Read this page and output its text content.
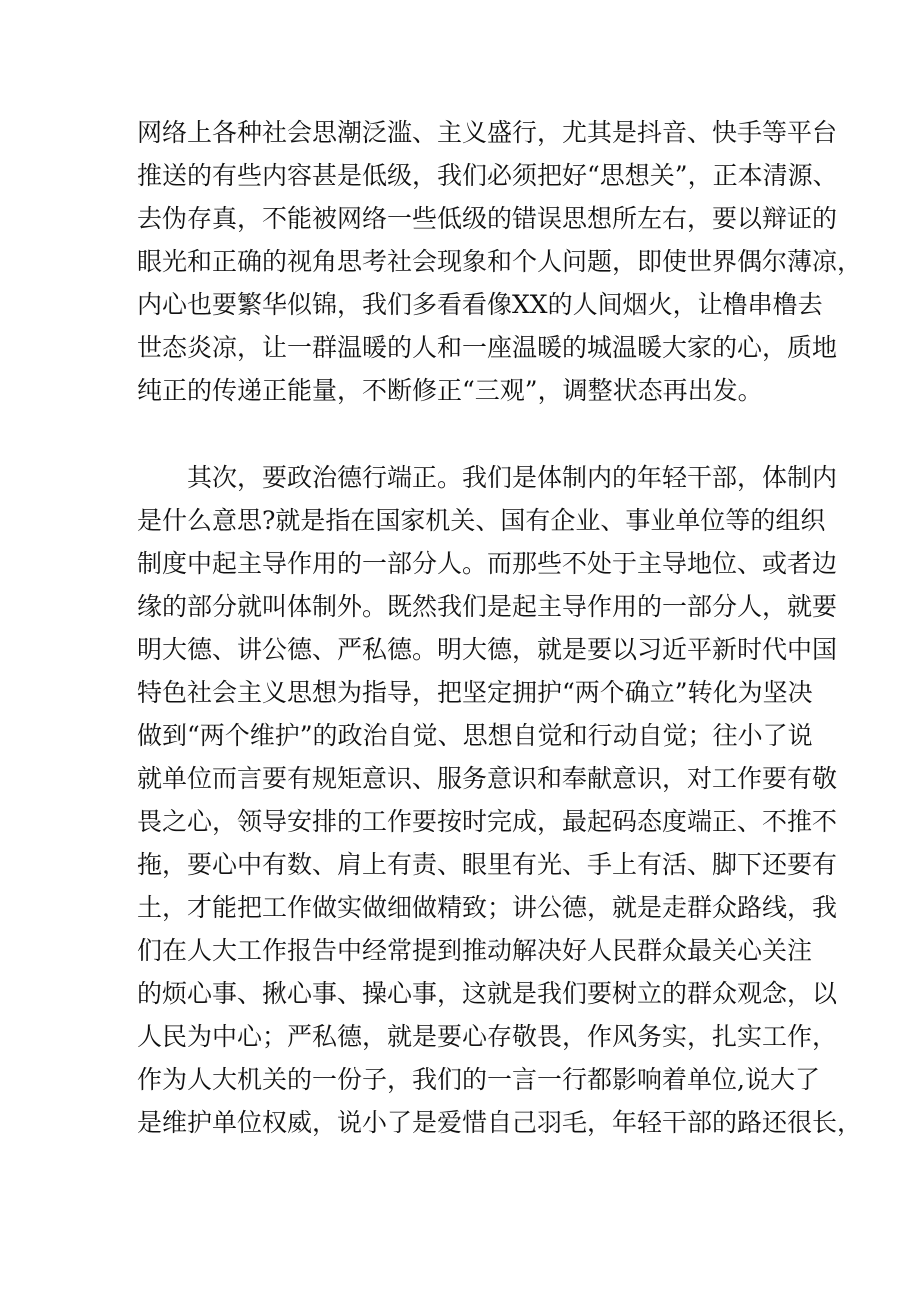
网络上各种社会思潮泛滥、主义盛行，尤其是抖音、快手等平台
推送的有些内容甚是低级，我们必须把好“思想关”，正本清源、
去伪存真，不能被网络一些低级的错误思想所左右，要以辩证的
眼光和正确的视角思考社会现象和个人问题，即使世界偶尔薄凉，
内心也要繁华似锦，我们多看看像XX的人间烟火，让橹串橹去
世态炎凉，让一群温暖的人和一座温暖的城温暖大家的心，质地
纯正的传递正能量，不断修正“三观”，调整状态再出发。
其次，要政治德行端正。我们是体制内的年轻干部，体制内
是什么意思?就是指在国家机关、国有企业、事业单位等的组织
制度中起主导作用的一部分人。而那些不处于主导地位、或者边
缘的部分就叫体制外。既然我们是起主导作用的一部分人，就要
明大德、讲公德、严私德。明大德，就是要以习近平新时代中国
特色社会主义思想为指导，把坚定拥护“两个确立”转化为坚决
做到“两个维护”的政治自觉、思想自觉和行动自觉；往小了说
就单位而言要有规矩意识、服务意识和奉献意识，对工作要有敬
畏之心，领导安排的工作要按时完成，最起码态度端正、不推不
拖，要心中有数、肩上有责、眼里有光、手上有活、脚下还要有
土，才能把工作做实做细做精致；讲公德，就是走群众路线，我
们在人大工作报告中经常提到推动解决好人民群众最关心关注
的烦心事、揪心事、操心事，这就是我们要树立的群众观念，以
人民为中心；严私德，就是要心存敬畏，作风务实，扎实工作，
作为人大机关的一份子，我们的一言一行都影响着单位,说大了
是维护单位权威，说小了是爱惜自己羽毛，年轻干部的路还很长，
